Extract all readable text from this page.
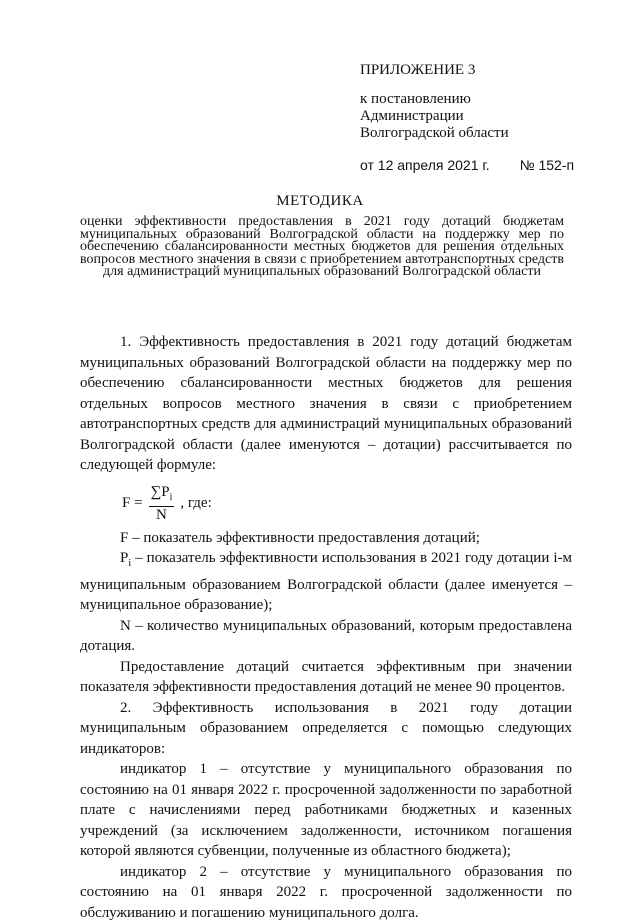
ПРИЛОЖЕНИЕ 3
к постановлению
Администрации
Волгоградской области
от 12 апреля 2021 г. № 152-п
МЕТОДИКА
оценки эффективности предоставления в 2021 году дотаций бюджетам муниципальных образований Волгоградской области на поддержку мер по обеспечению сбалансированности местных бюджетов для решения отдельных вопросов местного значения в связи с приобретением автотранспортных средств для администраций муниципальных образований Волгоградской области

1. Эффективность предоставления в 2021 году дотаций бюджетам муниципальных образований Волгоградской области на поддержку мер по обеспечению сбалансированности местных бюджетов для решения отдельных вопросов местного значения в связи с приобретением автотранспортных средств для администраций муниципальных образований Волгоградской области (далее именуются – дотации) рассчитывается по следующей формуле:

$F = \frac{\sum P_i}{N}$ , где:

F – показатель эффективности предоставления дотаций;

$P_i$ – показатель эффективности использования в 2021 году дотации i-м муниципальным образованием Волгоградской области (далее именуется – муниципальное образование);

N – количество муниципальных образований, которым предоставлена дотация.

Предоставление дотаций считается эффективным при значении показателя эффективности предоставления дотаций не менее 90 процентов.

2. Эффективность использования в 2021 году дотации муниципальным образованием определяется с помощью следующих индикаторов:

индикатор 1 – отсутствие у муниципального образования по состоянию на 01 января 2022 г. просроченной задолженности по заработной плате с начислениями перед работниками бюджетных и казенных учреждений (за исключением задолженности, источником погашения которой являются субвенции, полученные из областного бюджета);

индикатор 2 – отсутствие у муниципального образования по состоянию на 01 января 2022 г. просроченной задолженности по обслуживанию и погашению муниципального долга.
